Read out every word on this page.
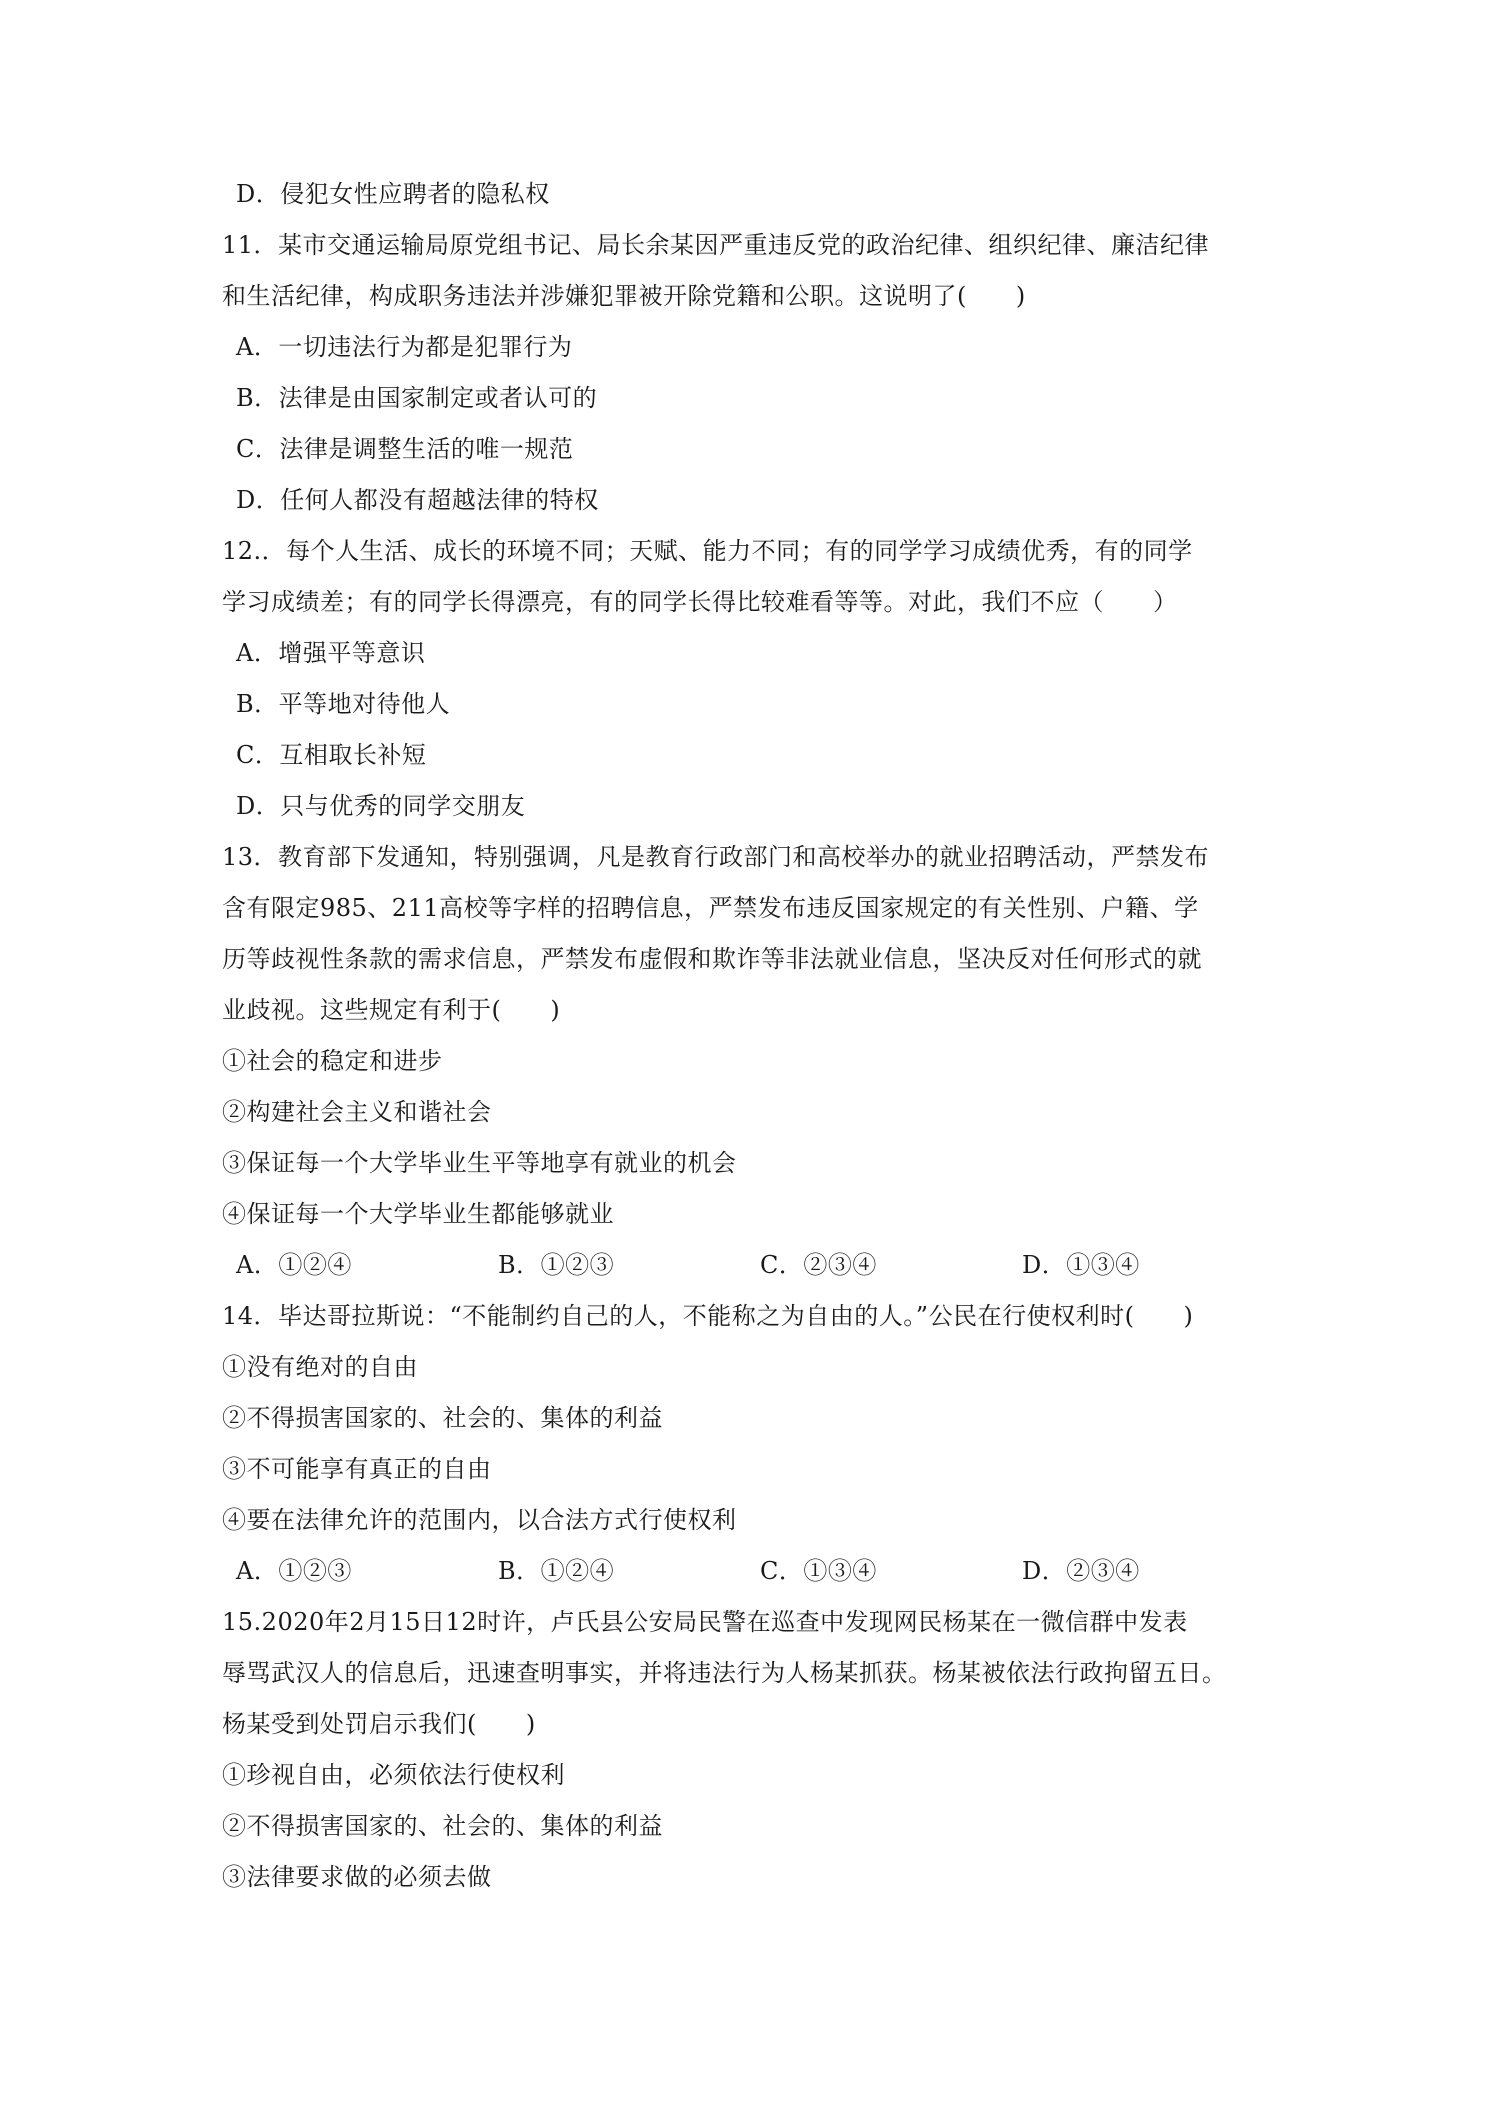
D．侵犯女性应聘者的隐私权
11．某市交通运输局原党组书记、局长余某因严重违反党的政治纪律、组织纪律、廉洁纪律
和生活纪律，构成职务违法并涉嫌犯罪被开除党籍和公职。这说明了(　　)
A．一切违法行为都是犯罪行为
B．法律是由国家制定或者认可的
C．法律是调整生活的唯一规范
D．任何人都没有超越法律的特权
12.．每个人生活、成长的环境不同；天赋、能力不同；有的同学学习成绩优秀，有的同学
学习成绩差；有的同学长得漂亮，有的同学长得比较难看等等。对此，我们不应（　　）
A．增强平等意识
B．平等地对待他人
C．互相取长补短
D．只与优秀的同学交朋友
13．教育部下发通知，特别强调，凡是教育行政部门和高校举办的就业招聘活动，严禁发布
含有限定985、211高校等字样的招聘信息，严禁发布违反国家规定的有关性别、户籍、学
历等歧视性条款的需求信息，严禁发布虚假和欺诈等非法就业信息，坚决反对任何形式的就
业歧视。这些规定有利于(　　)
①社会的稳定和进步
②构建社会主义和谐社会
③保证每一个大学毕业生平等地享有就业的机会
④保证每一个大学毕业生都能够就业
A．①②④	B．①②③	C．②③④	D．①③④
14．毕达哥拉斯说：“不能制约自己的人，不能称之为自由的人。”公民在行使权利时(　　)
①没有绝对的自由
②不得损害国家的、社会的、集体的利益
③不可能享有真正的自由
④要在法律允许的范围内，以合法方式行使权利
A．①②③	B．①②④	C．①③④	D．②③④
15.2020年2月15日12时许，卢氏县公安局民警在巡查中发现网民杨某在一微信群中发表
辱骂武汉人的信息后，迅速查明事实，并将违法行为人杨某抓获。杨某被依法行政拘留五日。
杨某受到处罚启示我们(　　)
①珍视自由，必须依法行使权利
②不得损害国家的、社会的、集体的利益
③法律要求做的必须去做
